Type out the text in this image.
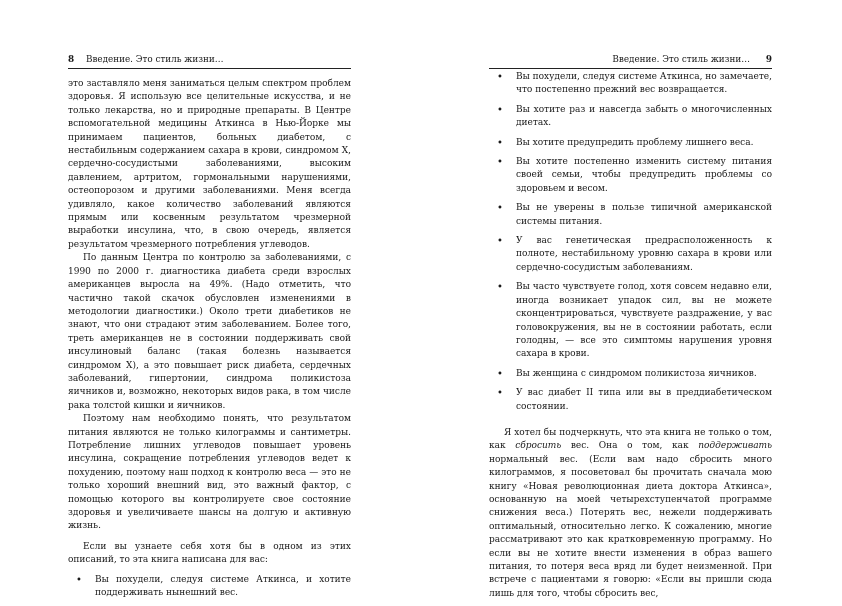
8 Введение. Это стиль жизни…

это заставляло меня заниматься целым спектром проблем здоровья. Я использую все целительные искусства, и не только лекарства, но и природные препараты. В Центре вспомогательной медицины Аткинса в Нью-Йорке мы принимаем пациентов, больных диабетом, с нестабильным содержанием сахара в крови, синдромом X, сердечно-сосудистыми заболеваниями, высоким давлением, артритом, гормональными нарушениями, остеопорозом и другими заболеваниями. Меня всегда удивляло, какое количество заболеваний являются прямым или косвенным результатом чрезмерной выработки инсулина, что, в свою очередь, является результатом чрезмерного потребления углеводов.

По данным Центра по контролю за заболеваниями, с 1990 по 2000 г. диагностика диабета среди взрослых американцев выросла на 49%. (Надо отметить, что частично такой скачок обусловлен изменениями в методологии диагностики.) Около трети диабетиков не знают, что они страдают этим заболеванием. Более того, треть американцев не в состоянии поддерживать свой инсулиновый баланс (такая болезнь называется синдромом X), а это повышает риск диабета, сердечных заболеваний, гипертонии, синдрома поликистоза яичников и, возможно, некоторых видов рака, в том числе рака толстой кишки и яичников.

Поэтому нам необходимо понять, что результатом питания являются не только килограммы и сантиметры. Потребление лишних углеводов повышает уровень инсулина, сокращение потребления углеводов ведет к похудению, поэтому наш подход к контролю веса — это не только хороший внешний вид, это важный фактор, с помощью которого вы контролируете свое состояние здоровья и увеличиваете шансы на долгую и активную жизнь.

Если вы узнаете себя хотя бы в одном из этих описаний, то эта книга написана для вас:

• Вы похудели, следуя системе Аткинса, и хотите поддерживать нынешний вес.
Введение. Это стиль жизни… 9
• Вы похудели, следуя системе Аткинса, но замечаете, что постепенно прежний вес возвращается.
• Вы хотите раз и навсегда забыть о многочисленных диетах.
• Вы хотите предупредить проблему лишнего веса.
• Вы хотите постепенно изменить систему питания своей семьи, чтобы предупредить проблемы со здоровьем и весом.
• Вы не уверены в пользе типичной американской системы питания.
• У вас генетическая предрасположенность к полноте, нестабильному уровню сахара в крови или сердечно-сосудистым заболеваниям.
• Вы часто чувствуете голод, хотя совсем недавно ели, иногда возникает упадок сил, вы не можете сконцентрироваться, чувствуете раздражение, у вас головокружения, вы не в состоянии работать, если голодны, — все это симптомы нарушения уровня сахара в крови.
• Вы женщина с синдромом поликистоза яичников.
• У вас диабет II типа или вы в преддиабетическом состоянии.

Я хотел бы подчеркнуть, что эта книга не только о том, как сбросить вес. Она о том, как поддерживать нормальный вес. (Если вам надо сбросить много килограммов, я посоветовал бы прочитать сначала мою книгу «Новая революционная диета доктора Аткинса», основанную на моей четырехступенчатой программе снижения веса.) Потерять вес, нежели поддерживать оптимальный, относительно легко. К сожалению, многие рассматривают это как кратковременную программу. Но если вы не хотите внести изменения в образ вашего питания, то потеря веса вряд ли будет неизменной. При встрече с пациентами я говорю: «Если вы пришли сюда лишь для того, чтобы сбросить вес,
